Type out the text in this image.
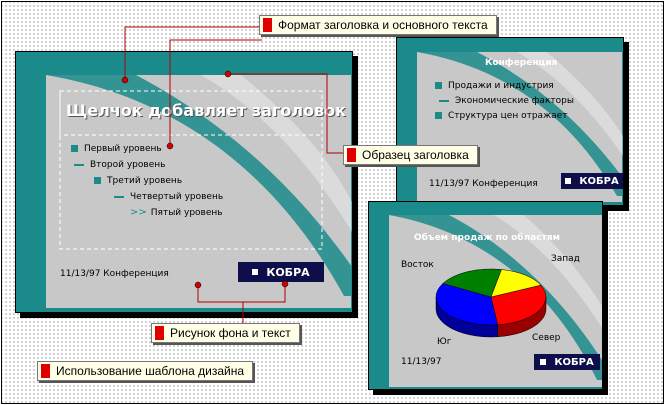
Щелчок добавляет заголовок
Первый уровень
Второй уровень
Третий уровень
Четвертый уровень
>> Пятый уровень
11/13/97 Конференция	КОБРА
Конференция
Продажи и индустрия
Экономические факторы
Структура цен отражает
11/13/97 Конференция	КОБРА
Объем продаж по областям
Восток
Запад
Юг	Север
11/13/97	КОБРА
Формат заголовка и основного текста
Образец заголовка
Рисунок фона и текст
Использование шаблона дизайна
